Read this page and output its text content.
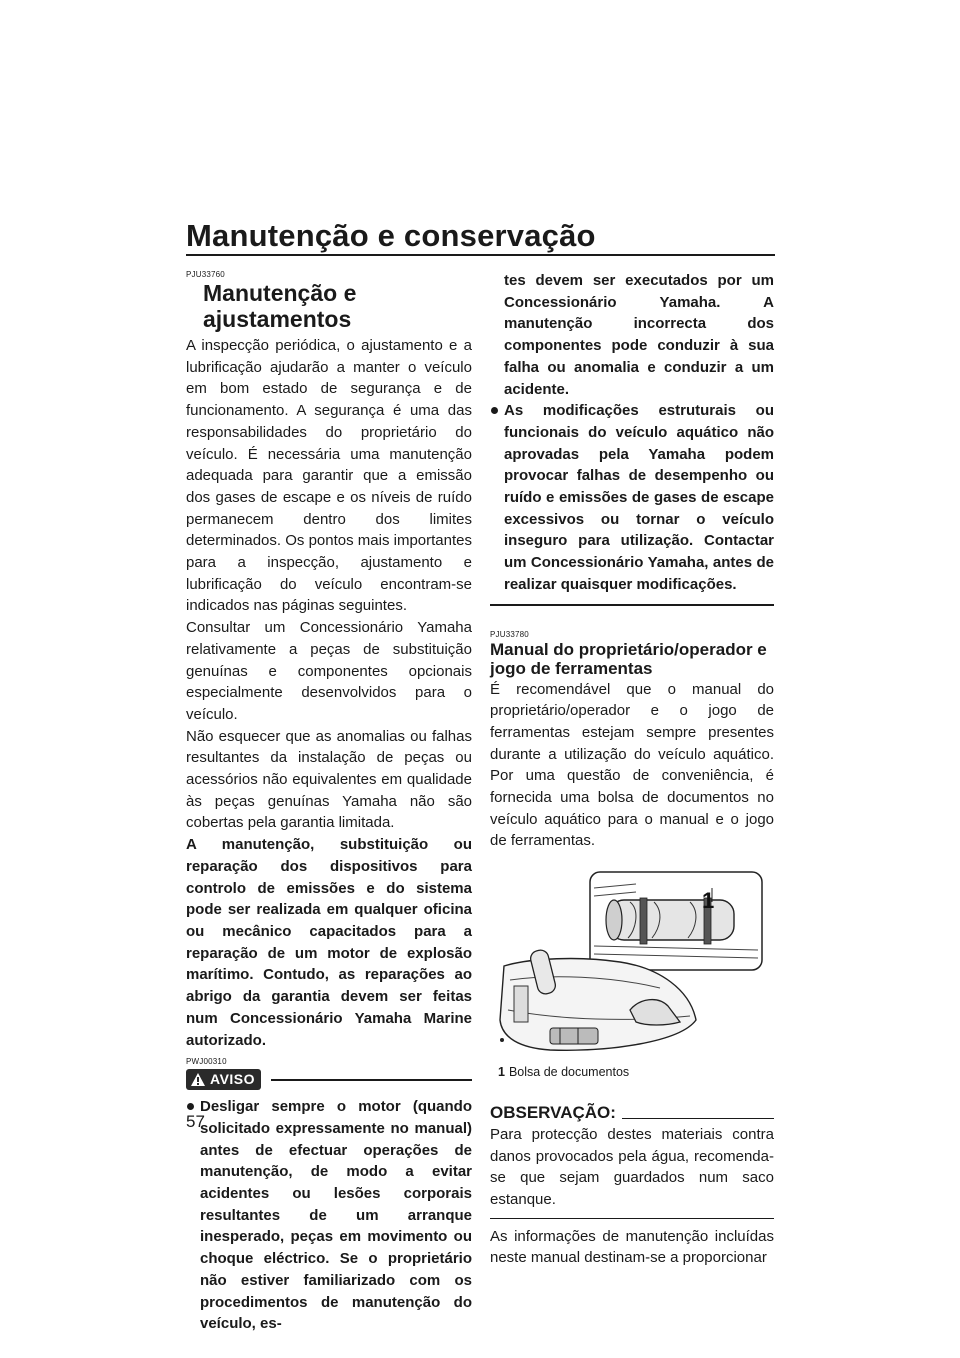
Manutenção e conservação
PJU33760
Manutenção e ajustamentos

A inspecção periódica, o ajustamento e a lubrificação ajudarão a manter o veículo em bom estado de segurança e de funcionamento. A segurança é uma das responsabilidades do proprietário do veículo. É necessária uma manutenção adequada para garantir que a emissão dos gases de escape e os níveis de ruído permanecem dentro dos limites determinados. Os pontos mais importantes para a inspecção, ajustamento e lubrificação do veículo encontram-se indicados nas páginas seguintes.

Consultar um Concessionário Yamaha relativamente a peças de substituição genuínas e componentes opcionais especialmente desenvolvidos para o veículo.

Não esquecer que as anomalias ou falhas resultantes da instalação de peças ou acessórios não equivalentes em qualidade às peças genuínas Yamaha não são cobertas pela garantia limitada.

A manutenção, substituição ou reparação dos dispositivos para controlo de emissões e do sistema pode ser realizada em qualquer oficina ou mecânico capacitados para a reparação de um motor de explosão marítimo. Contudo, as reparações ao abrigo da garantia devem ser feitas num Concessionário Yamaha Marine autorizado.

PWJ00310
AVISO
Desligar sempre o motor (quando solicitado expressamente no manual) antes de efectuar operações de manutenção, de modo a evitar acidentes ou lesões corporais resultantes de um arranque inesperado, peças em movimento ou choque eléctrico. Se o proprietário não estiver familiarizado com os procedimentos de manutenção do veículo, es-
tes devem ser executados por um Concessionário Yamaha. A manutenção incorrecta dos componentes pode conduzir à sua falha ou anomalia e conduzir a um acidente.
As modificações estruturais ou funcionais do veículo aquático não aprovadas pela Yamaha podem provocar falhas de desempenho ou ruído e emissões de gases de escape excessivos ou tornar o veículo inseguro para utilização. Contactar um Concessionário Yamaha, antes de realizar quaisquer modificações.
PJU33780
Manual do proprietário/operador e jogo de ferramentas

É recomendável que o manual do proprietário/operador e o jogo de ferramentas estejam sempre presentes durante a utilização do veículo aquático. Por uma questão de conveniência, é fornecida uma bolsa de documentos no veículo aquático para o manual e o jogo de ferramentas.

1
1 Bolsa de documentos
OBSERVAÇÃO:

Para protecção destes materiais contra danos provocados pela água, recomenda-se que sejam guardados num saco estanque.

As informações de manutenção incluídas neste manual destinam-se a proporcionar

57
